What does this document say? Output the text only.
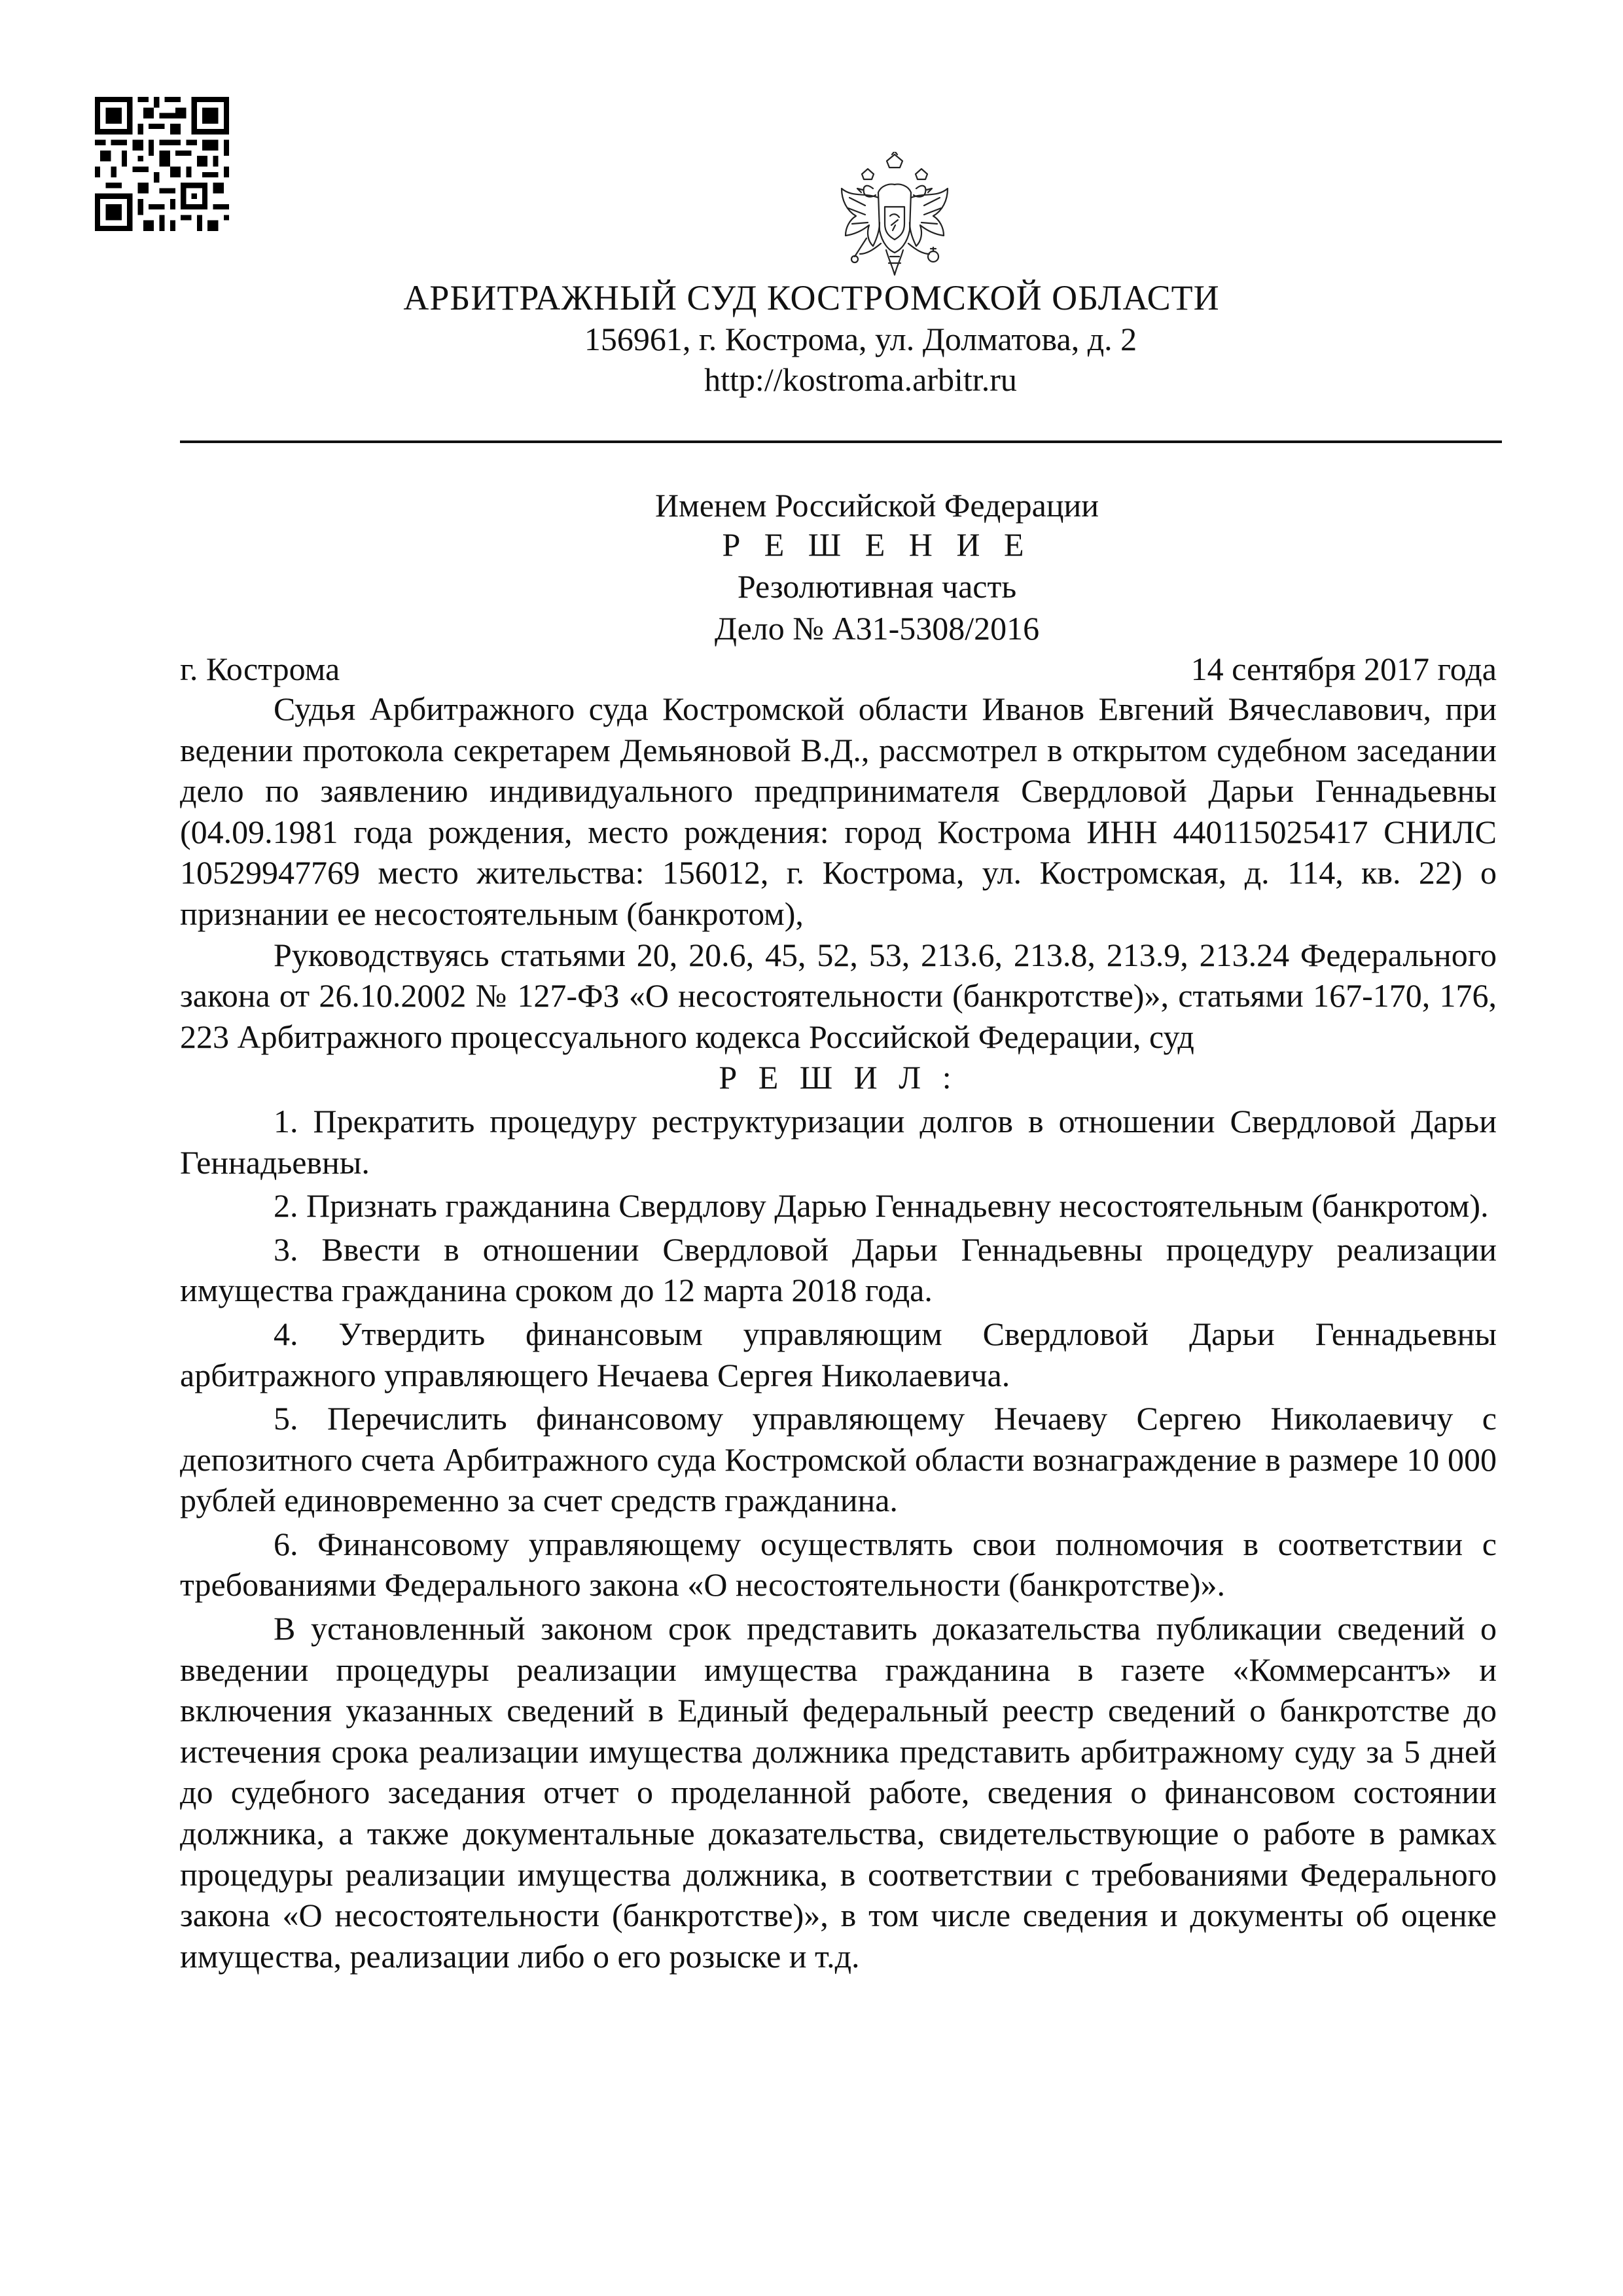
АРБИТРАЖНЫЙ СУД КОСТРОМСКОЙ ОБЛАСТИ
156961, г. Кострома, ул. Долматова, д. 2
http://kostroma.arbitr.ru
Именем Российской Федерации
Р Е Ш Е Н И Е
Резолютивная часть
Дело № А31-5308/2016
г. Кострома	14 сентября 2017 года

Судья Арбитражного суда Костромской области Иванов Евгений Вячеславович, при ведении протокола секретарем Демьяновой В.Д., рассмотрел в открытом судебном заседании дело по заявлению индивидуального предпринимателя Свердловой Дарьи Геннадьевны (04.09.1981 года рождения, место рождения: город Кострома ИНН 440115025417 СНИЛС 10529947769 место жительства: 156012, г. Кострома, ул. Костромская, д. 114, кв. 22) о признании ее несостоятельным (банкротом),

Руководствуясь статьями 20, 20.6, 45, 52, 53, 213.6, 213.8, 213.9, 213.24 Федерального закона от 26.10.2002 № 127-ФЗ «О несостоятельности (банкротстве)», статьями 167-170, 176, 223 Арбитражного процессуального кодекса Российской Федерации, суд

Р Е Ш И Л :

1. Прекратить процедуру реструктуризации долгов в отношении Свердловой Дарьи Геннадьевны.

2. Признать гражданина Свердлову Дарью Геннадьевну несостоятельным (банкротом).

3. Ввести в отношении Свердловой Дарьи Геннадьевны процедуру реализации имущества гражданина сроком до 12 марта 2018 года.

4. Утвердить финансовым управляющим Свердловой Дарьи Геннадьевны арбитражного управляющего Нечаева Сергея Николаевича.

5. Перечислить финансовому управляющему Нечаеву Сергею Николаевичу с депозитного счета Арбитражного суда Костромской области вознаграждение в размере 10 000 рублей единовременно за счет средств гражданина.

6. Финансовому управляющему осуществлять свои полномочия в соответствии с требованиями Федерального закона «О несостоятельности (банкротстве)».

В установленный законом срок представить доказательства публикации сведений о введении процедуры реализации имущества гражданина в газете «Коммерсантъ» и включения указанных сведений в Единый федеральный реестр сведений о банкротстве до истечения срока реализации имущества должника представить арбитражному суду за 5 дней до судебного заседания отчет о проделанной работе, сведения о финансовом состоянии должника, а также документальные доказательства, свидетельствующие о работе в рамках процедуры реализации имущества должника, в соответствии с требованиями Федерального закона «О несостоятельности (банкротстве)», в том числе сведения и документы об оценке имущества, реализации либо о его розыске и т.д.
